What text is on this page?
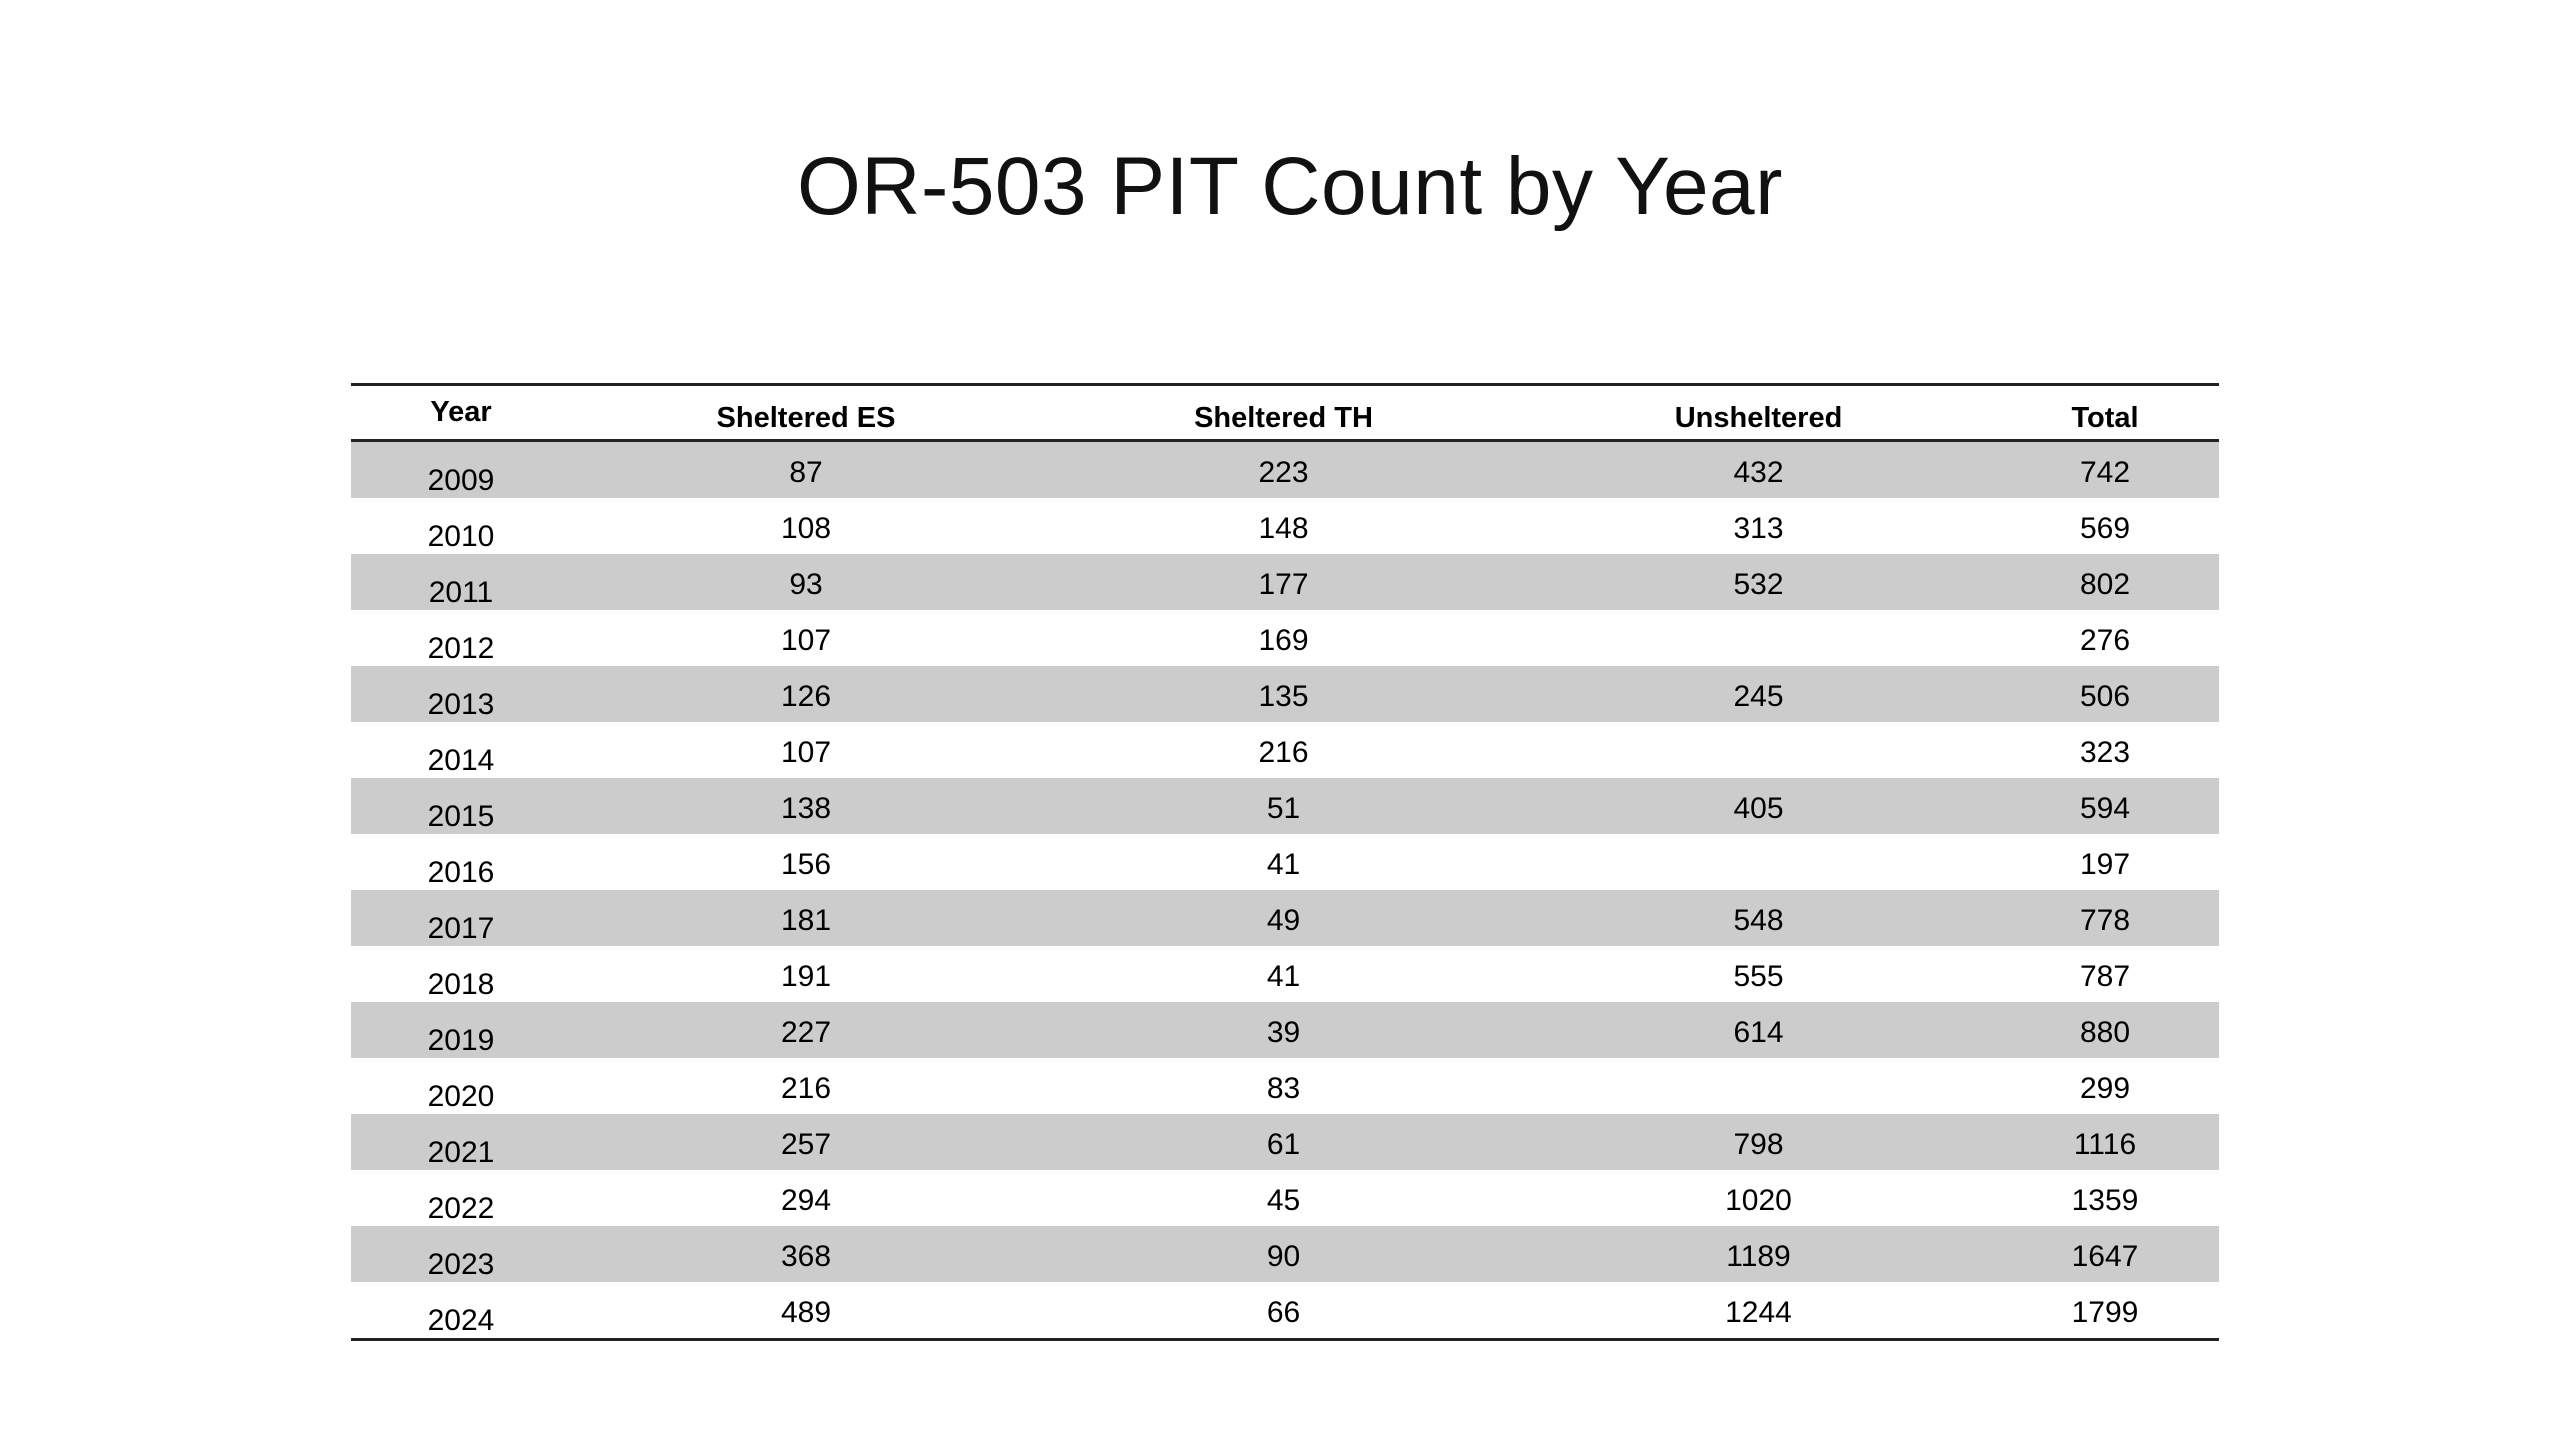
OR-503 PIT Count by Year
Year	Sheltered ES	Sheltered TH	Unsheltered	Total
2009	87	223	432	742
2010	108	148	313	569
2011	93	177	532	802
2012	107	169		276
2013	126	135	245	506
2014	107	216		323
2015	138	51	405	594
2016	156	41		197
2017	181	49	548	778
2018	191	41	555	787
2019	227	39	614	880
2020	216	83		299
2021	257	61	798	1116
2022	294	45	1020	1359
2023	368	90	1189	1647
2024	489	66	1244	1799
